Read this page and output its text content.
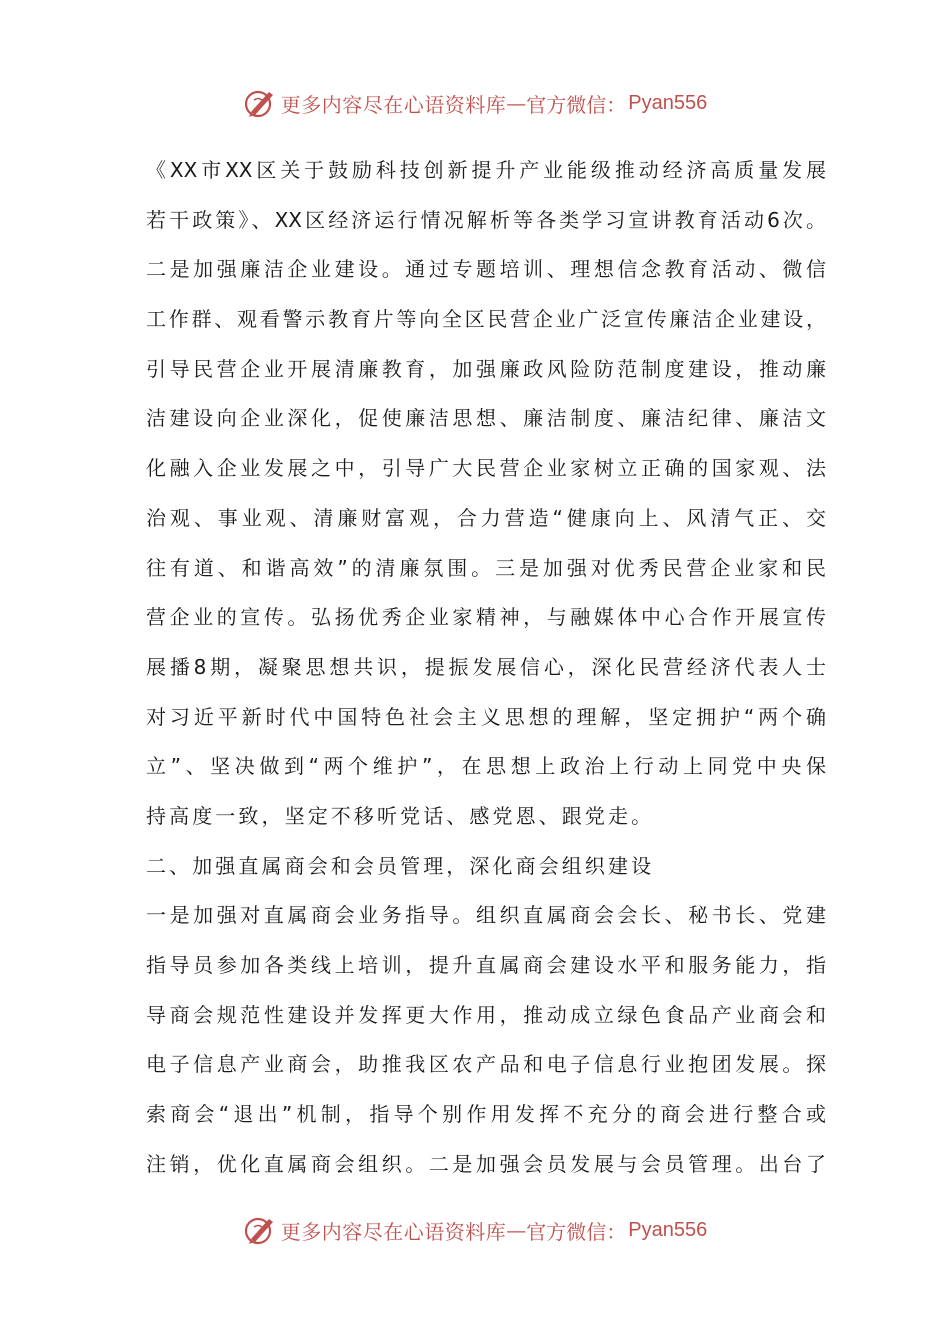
更多内容尽在心语资料库 — 官方微信： Pyan556
《XX市XX区关于鼓励科技创新提升产业能级推动经济高质量发展
若干政策》、XX区经济运行情况解析等各类学习宣讲教育活动6次。
二是加强廉洁企业建设。通过专题培训、理想信念教育活动、微信
工作群、观看警示教育片等向全区民营企业广泛宣传廉洁企业建设，
引导民营企业开展清廉教育，加强廉政风险防范制度建设，推动廉
洁建设向企业深化，促使廉洁思想、廉洁制度、廉洁纪律、廉洁文
化融入企业发展之中，引导广大民营企业家树立正确的国家观、法
治观、事业观、清廉财富观，合力营造“健康向上、风清气正、交
往有道、和谐高效”的清廉氛围。三是加强对优秀民营企业家和民
营企业的宣传。弘扬优秀企业家精神，与融媒体中心合作开展宣传
展播8期，凝聚思想共识，提振发展信心，深化民营经济代表人士
对习近平新时代中国特色社会主义思想的理解，坚定拥护“两个确
立”、坚决做到“两个维护”，在思想上政治上行动上同党中央保
持高度一致，坚定不移听党话、感党恩、跟党走。
二、加强直属商会和会员管理，深化商会组织建设
一是加强对直属商会业务指导。组织直属商会会长、秘书长、党建
指导员参加各类线上培训，提升直属商会建设水平和服务能力，指
导商会规范性建设并发挥更大作用，推动成立绿色食品产业商会和
电子信息产业商会，助推我区农产品和电子信息行业抱团发展。探
索商会“退出”机制，指导个别作用发挥不充分的商会进行整合或
注销，优化直属商会组织。二是加强会员发展与会员管理。出台了
更多内容尽在心语资料库 — 官方微信： Pyan556
